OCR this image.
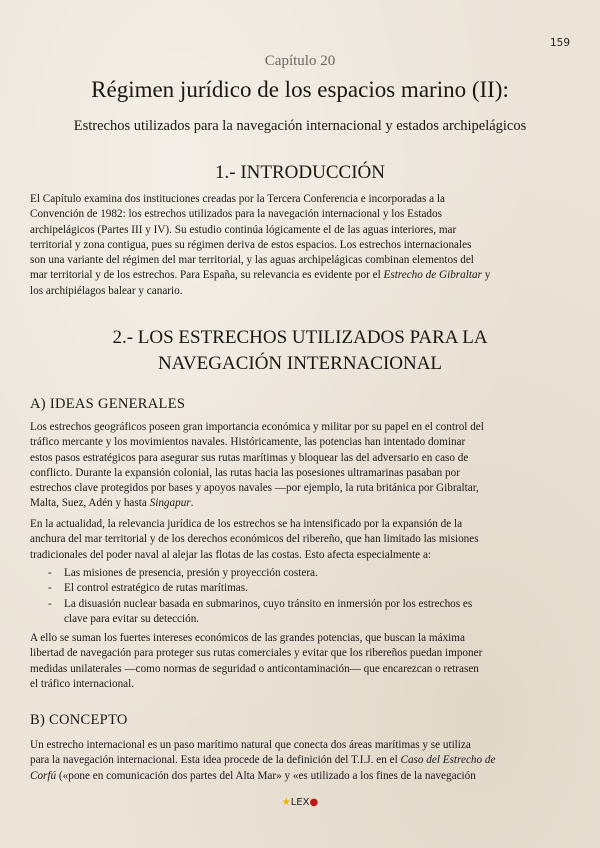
159
Capítulo 20
Régimen jurídico de los espacios marino (II):
Estrechos utilizados para la navegación internacional y estados archipelágicos
1.- INTRODUCCIÓN
El Capítulo examina dos instituciones creadas por la Tercera Conferencia e incorporadas a la
Convención de 1982: los estrechos utilizados para la navegación internacional y los Estados
archipelágicos (Partes III y IV). Su estudio continúa lógicamente el de las aguas interiores, mar
territorial y zona contigua, pues su régimen deriva de estos espacios. Los estrechos internacionales
son una variante del régimen del mar territorial, y las aguas archipelágicas combinan elementos del
mar territorial y de los estrechos. Para España, su relevancia es evidente por el Estrecho de Gibraltar y
los archipiélagos balear y canario.
2.- LOS ESTRECHOS UTILIZADOS PARA LA
NAVEGACIÓN INTERNACIONAL
A) IDEAS GENERALES
Los estrechos geográficos poseen gran importancia económica y militar por su papel en el control del
tráfico mercante y los movimientos navales. Históricamente, las potencias han intentado dominar
estos pasos estratégicos para asegurar sus rutas marítimas y bloquear las del adversario en caso de
conflicto. Durante la expansión colonial, las rutas hacia las posesiones ultramarinas pasaban por
estrechos clave protegidos por bases y apoyos navales —por ejemplo, la ruta británica por Gibraltar,
Malta, Suez, Adén y hasta Singapur.
En la actualidad, la relevancia jurídica de los estrechos se ha intensificado por la expansión de la
anchura del mar territorial y de los derechos económicos del ribereño, que han limitado las misiones
tradicionales del poder naval al alejar las flotas de las costas. Esto afecta especialmente a:
- Las misiones de presencia, presión y proyección costera.
- El control estratégico de rutas marítimas.
- La disuasión nuclear basada en submarinos, cuyo tránsito en inmersión por los estrechos es
clave para evitar su detección.
A ello se suman los fuertes intereses económicos de las grandes potencias, que buscan la máxima
libertad de navegación para proteger sus rutas comerciales y evitar que los ribereños puedan imponer
medidas unilaterales —como normas de seguridad o anticontaminación— que encarezcan o retrasen
el tráfico internacional.
B) CONCEPTO
Un estrecho internacional es un paso marítimo natural que conecta dos áreas marítimas y se utiliza
para la navegación internacional. Esta idea procede de la definición del T.I.J. en el Caso del Estrecho de
Corfú («pone en comunicación dos partes del Alta Mar» y «es utilizado a los fines de la navegación
★LEX●
